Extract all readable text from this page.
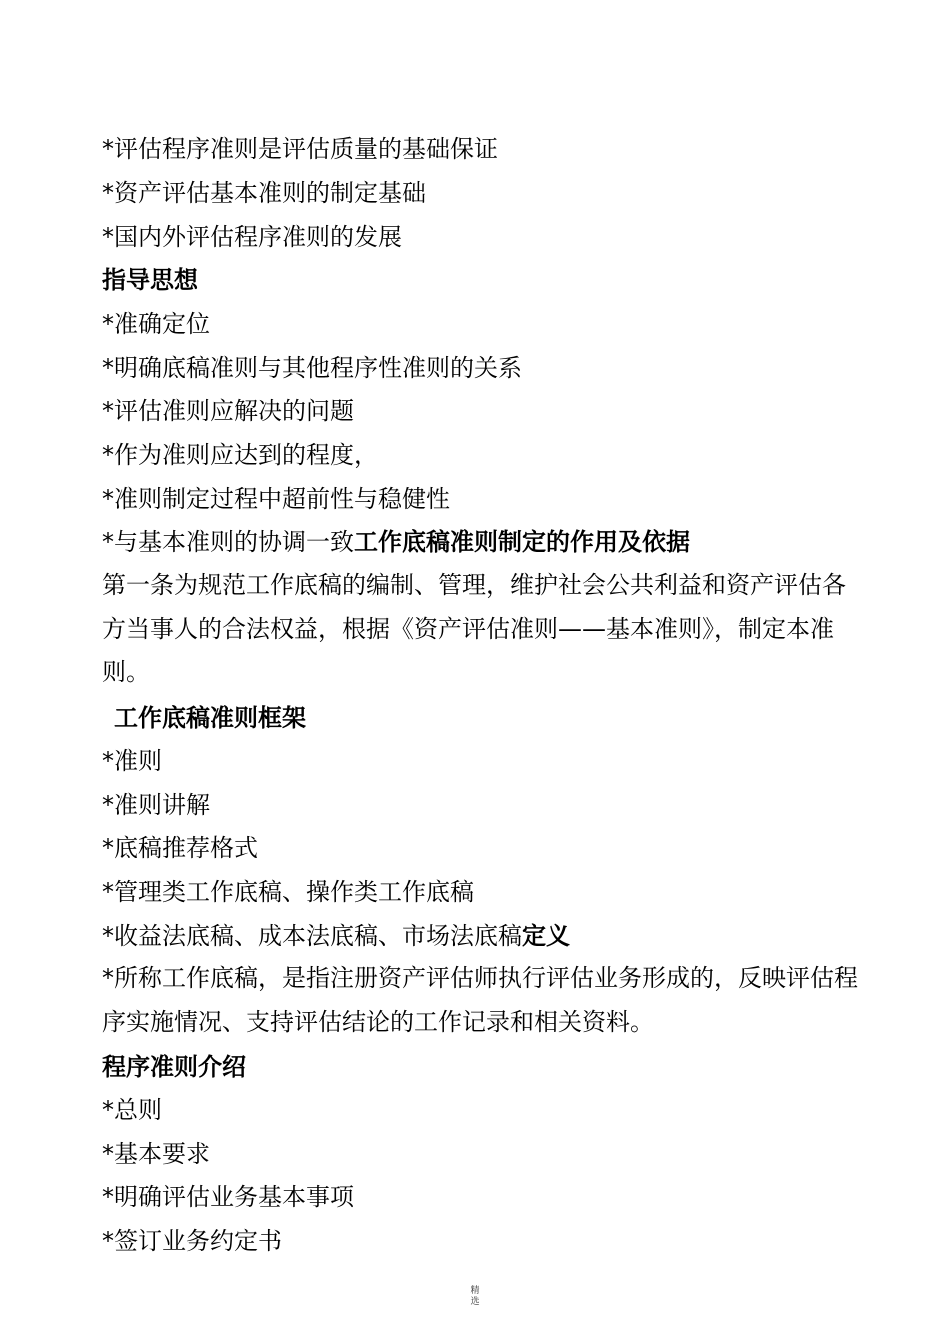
*评估程序准则是评估质量的基础保证

*资产评估基本准则的制定基础

*国内外评估程序准则的发展

指导思想

*准确定位

*明确底稿准则与其他程序性准则的关系

*评估准则应解决的问题

*作为准则应达到的程度，

*准则制定过程中超前性与稳健性

*与基本准则的协调一致工作底稿准则制定的作用及依据

第一条为规范工作底稿的编制、管理，维护社会公共利益和资产评估各方当事人的合法权益，根据《资产评估准则——基本准则》，制定本准则。

工作底稿准则框架

*准则

*准则讲解

*底稿推荐格式

*管理类工作底稿、操作类工作底稿

*收益法底稿、成本法底稿、市场法底稿定义

*所称工作底稿，是指注册资产评估师执行评估业务形成的，反映评估程序实施情况、支持评估结论的工作记录和相关资料。

程序准则介绍

*总则

*基本要求

*明确评估业务基本事项

*签订业务约定书

精
选
